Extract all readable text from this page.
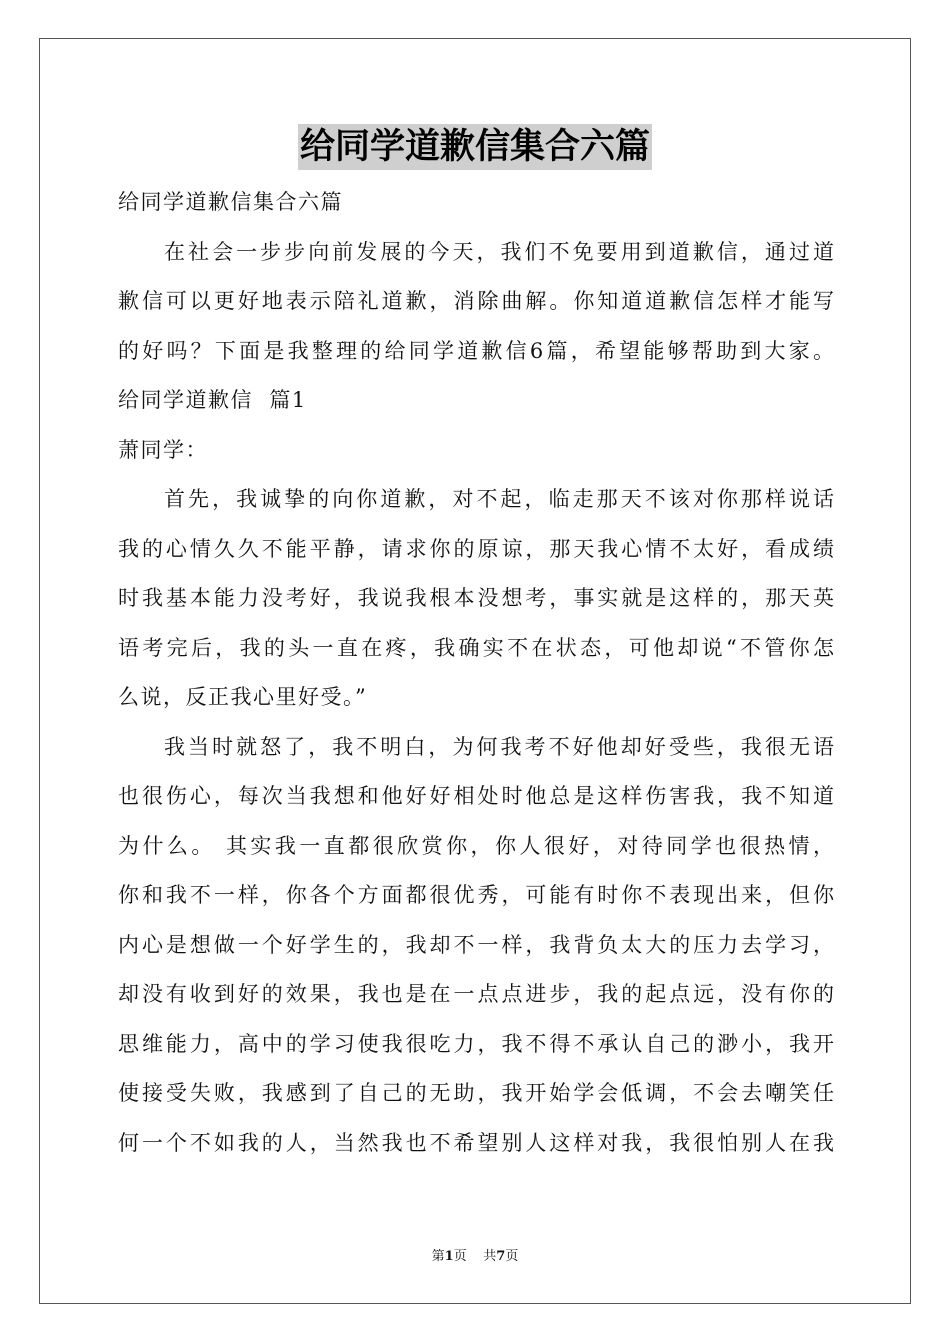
给同学道歉信集合六篇
给同学道歉信集合六篇
在社会一步步向前发展的今天，我们不免要用到道歉信，通过道
歉信可以更好地表示陪礼道歉，消除曲解。你知道道歉信怎样才能写
的好吗？下面是我整理的给同学道歉信6篇，希望能够帮助到大家。
给同学道歉信  篇1
萧同学：
首先，我诚挚的向你道歉，对不起，临走那天不该对你那样说话
我的心情久久不能平静，请求你的原谅，那天我心情不太好，看成绩
时我基本能力没考好，我说我根本没想考，事实就是这样的，那天英
语考完后，我的头一直在疼，我确实不在状态，可他却说“不管你怎
么说，反正我心里好受。”
我当时就怒了，我不明白，为何我考不好他却好受些，我很无语
也很伤心，每次当我想和他好好相处时他总是这样伤害我，我不知道
为什么。 其实我一直都很欣赏你，你人很好，对待同学也很热情，
你和我不一样，你各个方面都很优秀，可能有时你不表现出来，但你
内心是想做一个好学生的，我却不一样，我背负太大的压力去学习，
却没有收到好的效果，我也是在一点点进步，我的起点远，没有你的
思维能力，高中的学习使我很吃力，我不得不承认自己的渺小，我开
使接受失败，我感到了自己的无助，我开始学会低调，不会去嘲笑任
何一个不如我的人，当然我也不希望别人这样对我，我很怕别人在我
第1页 共7页
